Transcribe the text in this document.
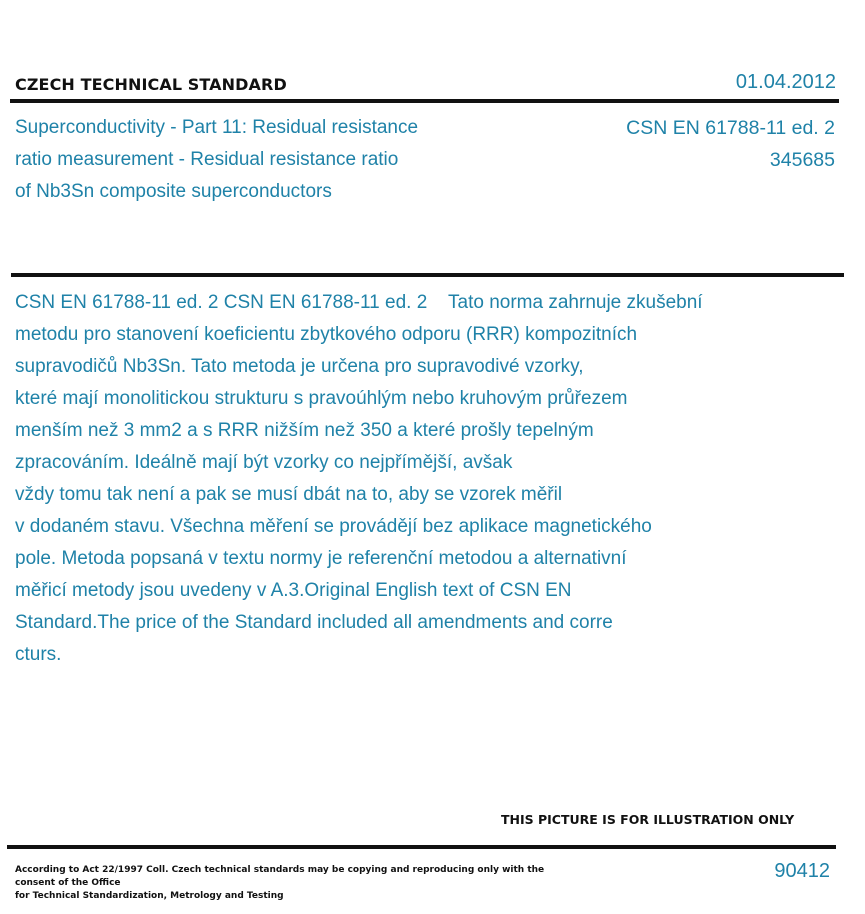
CZECH TECHNICAL STANDARD	01.04.2012
Superconductivity - Part 11: Residual resistance
ratio measurement - Residual resistance ratio
of Nb3Sn composite superconductors
CSN EN 61788-11 ed. 2
345685
CSN EN 61788-11 ed. 2 CSN EN 61788-11 ed. 2    Tato norma zahrnuje zkušební
metodu pro stanovení koeficientu zbytkového odporu (RRR) kompozitních
supravodičů Nb3Sn. Tato metoda je určena pro supravodivé vzorky,
které mají monolitickou strukturu s pravoúhlým nebo kruhovým průřezem
menším než 3 mm2 a s RRR nižším než 350 a které prošly tepelným
zpracováním. Ideálně mají být vzorky co nejpřímější, avšak
vždy tomu tak není a pak se musí dbát na to, aby se vzorek měřil
v dodaném stavu. Všechna měření se provádějí bez aplikace magnetického
pole. Metoda popsaná v textu normy je referenční metodou a alternativní
měřicí metody jsou uvedeny v A.3.Original English text of CSN EN
Standard.The price of the Standard included all amendments and corre
cturs.
THIS PICTURE IS FOR ILLUSTRATION ONLY
According to Act 22/1997 Coll. Czech technical standards may be copying and reproducing only with the consent of the Office
for Technical Standardization, Metrology and Testing
90412
